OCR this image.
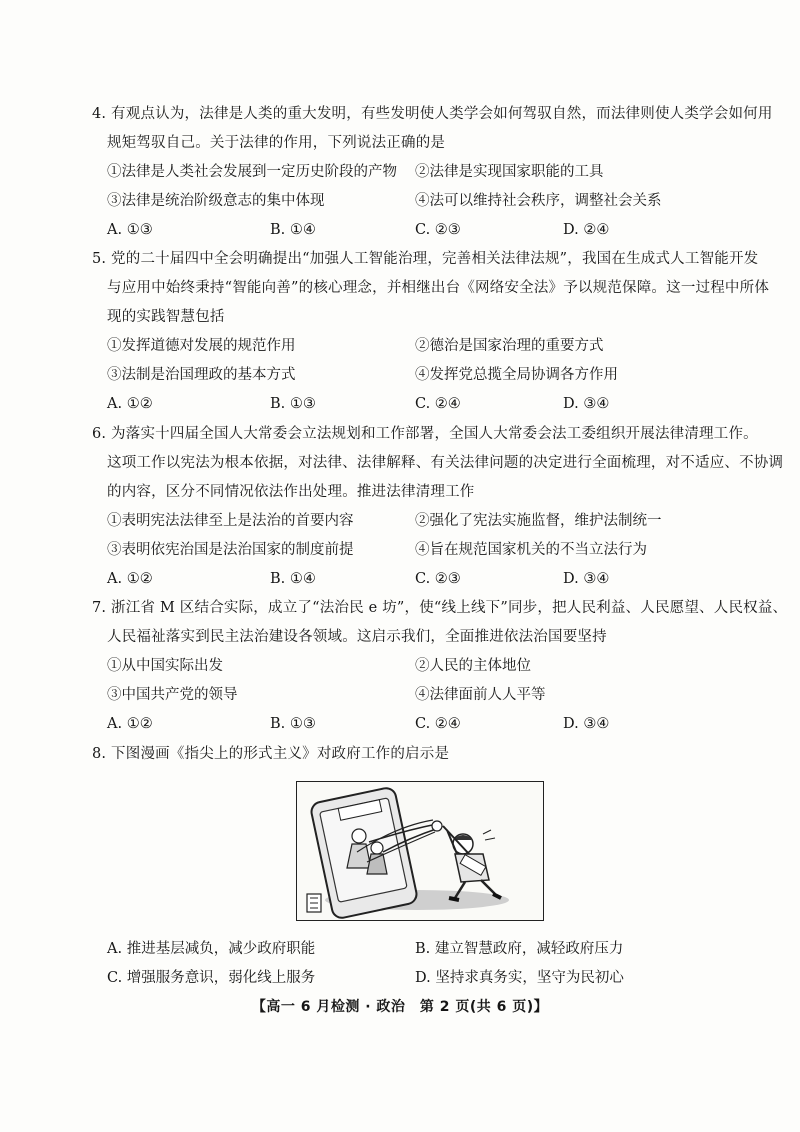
4. 有观点认为，法律是人类的重大发明，有些发明使人类学会如何驾驭自然，而法律则使人类学会如何用
规矩驾驭自己。关于法律的作用，下列说法正确的是
①法律是人类社会发展到一定历史阶段的产物 ②法律是实现国家职能的工具
③法律是统治阶级意志的集中体现	④法可以维持社会秩序，调整社会关系
A. ①③	B. ①④	C. ②③	D. ②④
5. 党的二十届四中全会明确提出“加强人工智能治理，完善相关法律法规”，我国在生成式人工智能开发
与应用中始终秉持“智能向善”的核心理念，并相继出台《网络安全法》予以规范保障。这一过程中所体
现的实践智慧包括
①发挥道德对发展的规范作用	②德治是国家治理的重要方式
③法制是治国理政的基本方式	④发挥党总揽全局协调各方作用
A. ①②	B. ①③	C. ②④	D. ③④
6. 为落实十四届全国人大常委会立法规划和工作部署，全国人大常委会法工委组织开展法律清理工作。
这项工作以宪法为根本依据，对法律、法律解释、有关法律问题的决定进行全面梳理，对不适应、不协调
的内容，区分不同情况依法作出处理。推进法律清理工作
①表明宪法法律至上是法治的首要内容	②强化了宪法实施监督，维护法制统一
③表明依宪治国是法治国家的制度前提	④旨在规范国家机关的不当立法行为
A. ①②	B. ①④	C. ②③	D. ③④
7. 浙江省 M 区结合实际，成立了“法治民 e 坊”，使“线上线下”同步，把人民利益、人民愿望、人民权益、
人民福祉落实到民主法治建设各领域。这启示我们，全面推进依法治国要坚持
①从中国实际出发	②人民的主体地位
③中国共产党的领导	④法律面前人人平等
A. ①②	B. ①③	C. ②④	D. ③④
8. 下图漫画《指尖上的形式主义》对政府工作的启示是
A. 推进基层减负，减少政府职能	B. 建立智慧政府，减轻政府压力
C. 增强服务意识，弱化线上服务	D. 坚持求真务实，坚守为民初心
【高一 6 月检测 · 政治　第 2 页(共 6 页)】
